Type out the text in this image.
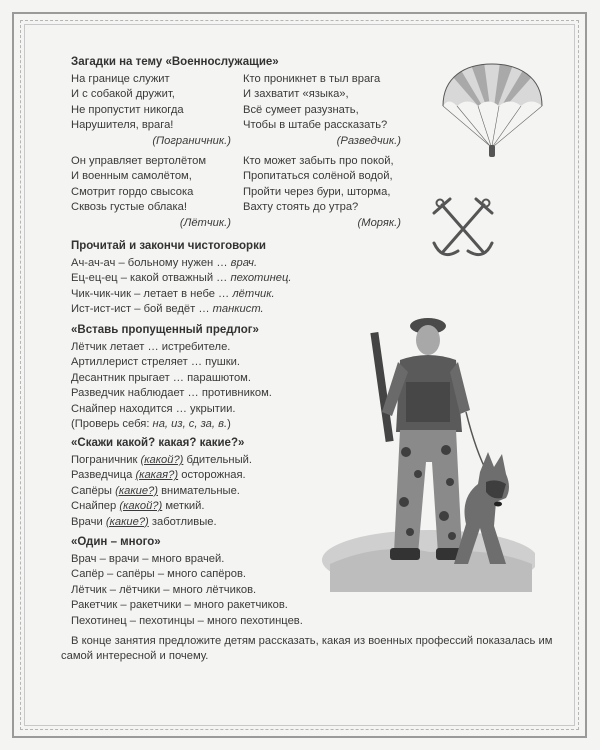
Загадки на тему «Военнослужащие»
На границе служит
И с собакой дружит,
Не пропустит никогда
Нарушителя, врага!
(Пограничник.)
Кто проникнет в тыл врага
И захватит «языка»,
Всё сумеет разузнать,
Чтобы в штабе рассказать?
(Разведчик.)
Он управляет вертолётом
И военным самолётом,
Смотрит гордо свысока
Сквозь густые облака!
(Лётчик.)
Кто может забыть про покой,
Пропитаться солёной водой,
Пройти через бури, шторма,
Вахту стоять до утра?
(Моряк.)
Прочитай и закончи чистоговорки
Ач-ач-ач – больному нужен … врач.
Ец-ец-ец – какой отважный … пехотинец.
Чик-чик-чик – летает в небе … лётчик.
Ист-ист-ист – бой ведёт … танкист.
«Вставь пропущенный предлог»
Лётчик летает … истребителе.
Артиллерист стреляет … пушки.
Десантник прыгает … парашютом.
Разведчик наблюдает … противником.
Снайпер находится … укрытии.
(Проверь себя: на, из, с, за, в.)
«Скажи какой? какая? какие?»
Пограничник (какой?) бдительный.
Разведчица (какая?) осторожная.
Сапёры (какие?) внимательные.
Снайпер (какой?) меткий.
Врачи (какие?) заботливые.
«Один – много»
Врач – врачи – много врачей.
Сапёр – сапёры – много сапёров.
Лётчик – лётчики – много лётчиков.
Ракетчик – ракетчики – много ракетчиков.
Пехотинец – пехотинцы – много пехотинцев.
В конце занятия предложите детям рассказать, какая из военных профессий показалась им
самой интересной и почему.
